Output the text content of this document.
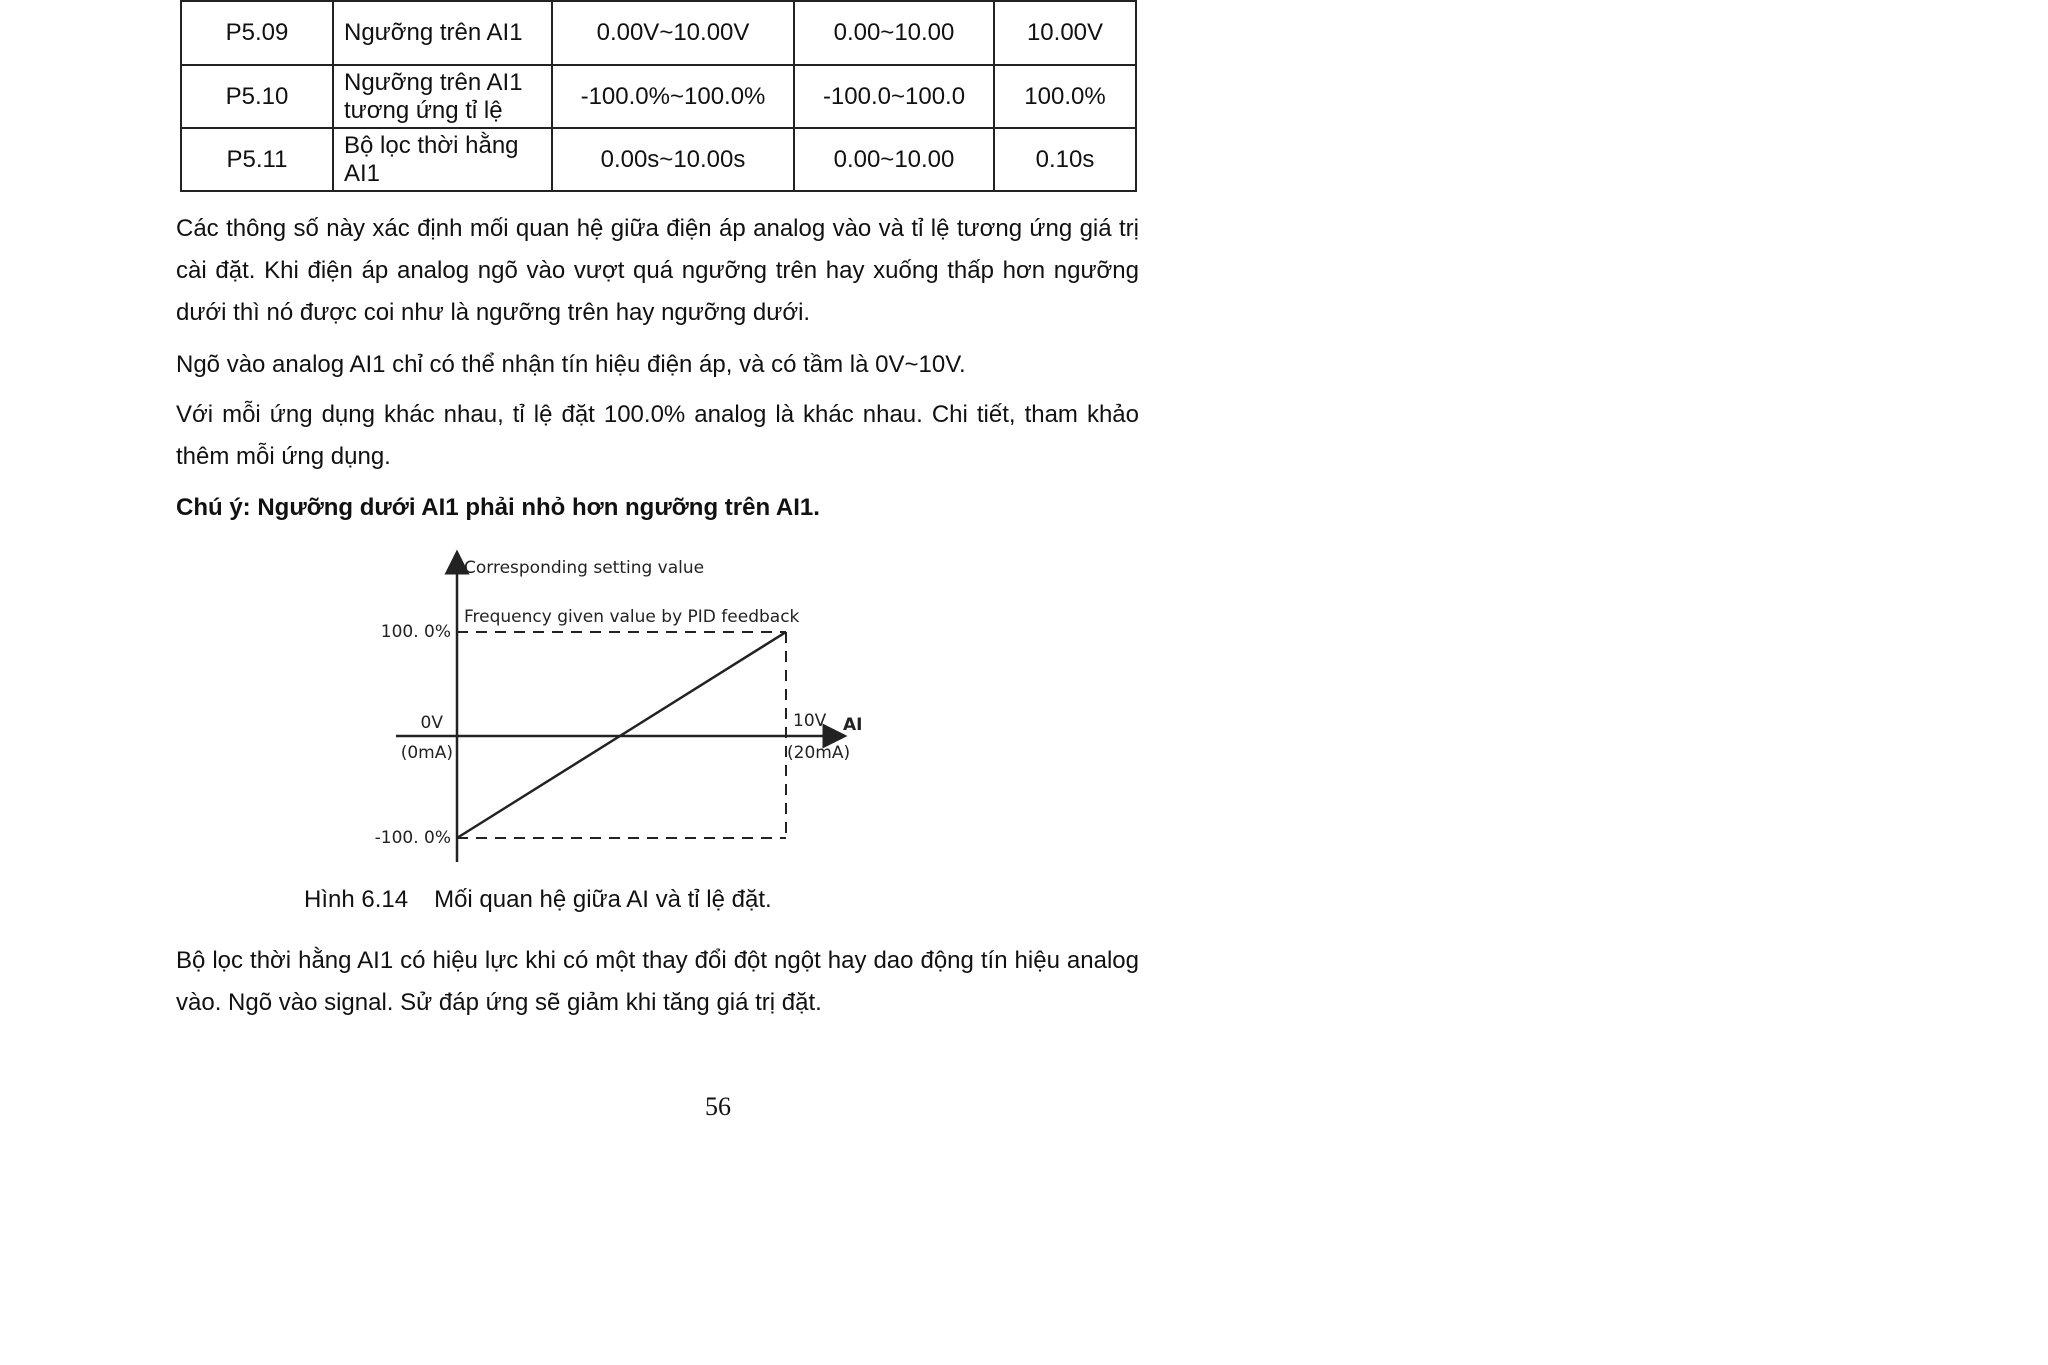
P5.09	Ngưỡng trên AI1	0.00V~10.00V	0.00~10.00	10.00V
P5.10	Ngưỡng trên AI1 tương ứng tỉ lệ	-100.0%~100.0%	-100.0~100.0	100.0%
P5.11	Bộ lọc thời hằng AI1	0.00s~10.00s	0.00~10.00	0.10s

Các thông số này xác định mối quan hệ giữa điện áp analog vào và tỉ lệ tương ứng giá trị cài đặt. Khi điện áp analog ngõ vào vượt quá ngưỡng trên hay xuống thấp hơn ngưỡng dưới thì nó được coi như là ngưỡng trên hay ngưỡng dưới.

Ngõ vào analog AI1 chỉ có thể nhận tín hiệu điện áp, và có tầm là 0V~10V.

Với mỗi ứng dụng khác nhau, tỉ lệ đặt 100.0% analog là khác nhau. Chi tiết, tham khảo thêm mỗi ứng dụng.

Chú ý: Ngưỡng dưới AI1 phải nhỏ hơn ngưỡng trên AI1.

Corresponding setting value
Frequency given value by PID feedback
100. 0%
-100. 0%
0V
(0mA)
10V
(20mA)
AI

Hình 6.14 Mối quan hệ giữa AI và tỉ lệ đặt.

Bộ lọc thời hằng AI1 có hiệu lực khi có một thay đổi đột ngột hay dao động tín hiệu analog vào. Ngõ vào signal. Sử đáp ứng sẽ giảm khi tăng giá trị đặt.

56
